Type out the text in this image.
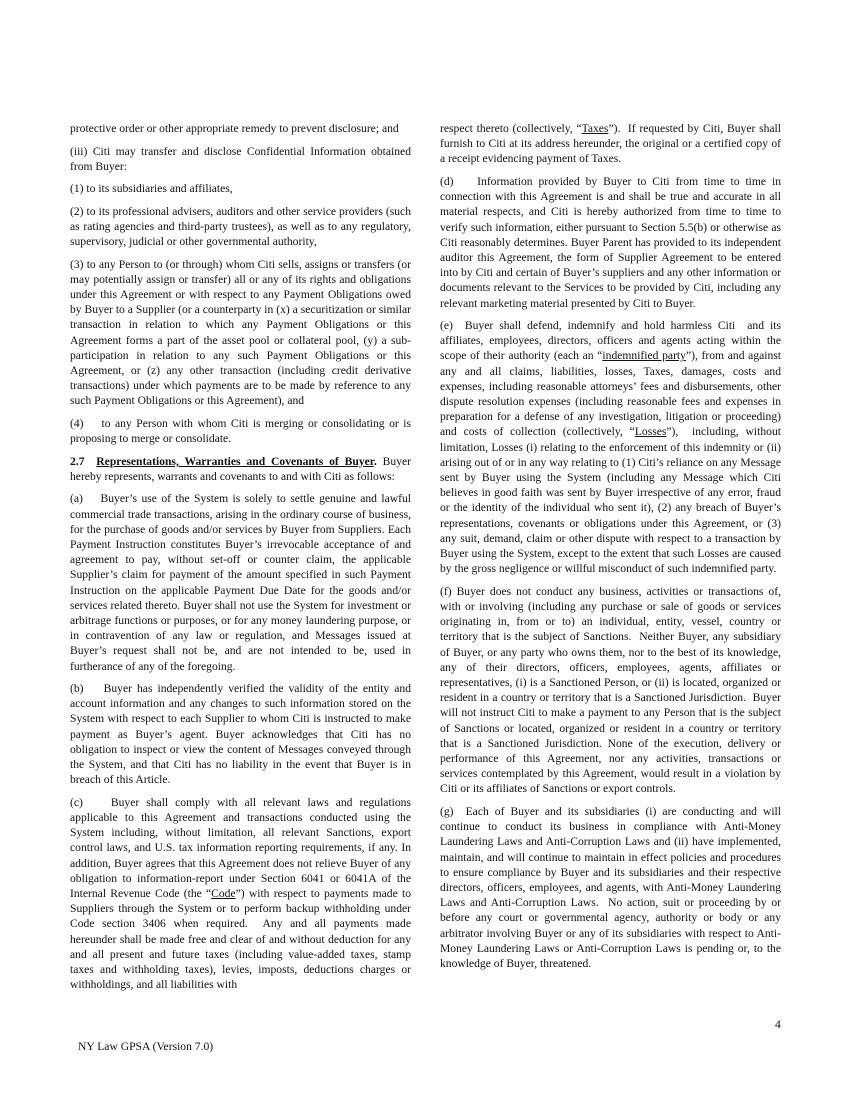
protective order or other appropriate remedy to prevent disclosure; and

(iii) Citi may transfer and disclose Confidential Information obtained from Buyer:

(1) to its subsidiaries and affiliates,

(2) to its professional advisers, auditors and other service providers (such as rating agencies and third-party trustees), as well as to any regulatory, supervisory, judicial or other governmental authority,

(3) to any Person to (or through) whom Citi sells, assigns or transfers (or may potentially assign or transfer) all or any of its rights and obligations under this Agreement or with respect to any Payment Obligations owed by Buyer to a Supplier (or a counterparty in (x) a securitization or similar transaction in relation to which any Payment Obligations or this Agreement forms a part of the asset pool or collateral pool, (y) a sub-participation in relation to any such Payment Obligations or this Agreement, or (z) any other transaction (including credit derivative transactions) under which payments are to be made by reference to any such Payment Obligations or this Agreement), and

(4)    to any Person with whom Citi is merging or consolidating or is proposing to merge or consolidate.

2.7 Representations, Warranties and Covenants of Buyer. Buyer hereby represents, warrants and covenants to and with Citi as follows:

(a)    Buyer’s use of the System is solely to settle genuine and lawful commercial trade transactions, arising in the ordinary course of business, for the purchase of goods and/or services by Buyer from Suppliers. Each Payment Instruction constitutes Buyer’s irrevocable acceptance of and agreement to pay, without set-off or counter claim, the applicable Supplier’s claim for payment of the amount specified in such Payment Instruction on the applicable Payment Due Date for the goods and/or services related thereto. Buyer shall not use the System for investment or arbitrage functions or purposes, or for any money laundering purpose, or in contravention of any law or regulation, and Messages issued at Buyer’s request shall not be, and are not intended to be, used in furtherance of any of the foregoing.

(b)    Buyer has independently verified the validity of the entity and account information and any changes to such information stored on the System with respect to each Supplier to whom Citi is instructed to make payment as Buyer’s agent. Buyer acknowledges that Citi has no obligation to inspect or view the content of Messages conveyed through the System, and that Citi has no liability in the event that Buyer is in breach of this Article.

(c)    Buyer shall comply with all relevant laws and regulations applicable to this Agreement and transactions conducted using the System including, without limitation, all relevant Sanctions, export control laws, and U.S. tax information reporting requirements, if any. In addition, Buyer agrees that this Agreement does not relieve Buyer of any obligation to information-report under Section 6041 or 6041A of the Internal Revenue Code (the “Code”) with respect to payments made to Suppliers through the System or to perform backup withholding under Code section 3406 when required.  Any and all payments made hereunder shall be made free and clear of and without deduction for any and all present and future taxes (including value-added taxes, stamp taxes and withholding taxes), levies, imposts, deductions charges or withholdings, and all liabilities with

respect thereto (collectively, “Taxes”).  If requested by Citi, Buyer shall furnish to Citi at its address hereunder, the original or a certified copy of a receipt evidencing payment of Taxes.

(d)    Information provided by Buyer to Citi from time to time in connection with this Agreement is and shall be true and accurate in all material respects, and Citi is hereby authorized from time to time to verify such information, either pursuant to Section 5.5(b) or otherwise as Citi reasonably determines. Buyer Parent has provided to its independent auditor this Agreement, the form of Supplier Agreement to be entered into by Citi and certain of Buyer’s suppliers and any other information or documents relevant to the Services to be provided by Citi, including any relevant marketing material presented by Citi to Buyer.

(e)  Buyer shall defend, indemnify and hold harmless Citi  and its affiliates, employees, directors, officers and agents acting within the scope of their authority (each an “indemnified party”), from and against any and all claims, liabilities, losses, Taxes, damages, costs and expenses, including reasonable attorneys’ fees and disbursements, other dispute resolution expenses (including reasonable fees and expenses in preparation for a defense of any investigation, litigation or proceeding) and costs of collection (collectively, “Losses”),  including, without limitation, Losses (i) relating to the enforcement of this indemnity or (ii) arising out of or in any way relating to (1) Citi’s reliance on any Message sent by Buyer using the System (including any Message which Citi believes in good faith was sent by Buyer irrespective of any error, fraud or the identity of the individual who sent it), (2) any breach of Buyer’s representations, covenants or obligations under this Agreement, or (3) any suit, demand, claim or other dispute with respect to a transaction by Buyer using the System, except to the extent that such Losses are caused by the gross negligence or willful misconduct of such indemnified party.

(f) Buyer does not conduct any business, activities or transactions of, with or involving (including any purchase or sale of goods or services originating in, from or to) an individual, entity, vessel, country or territory that is the subject of Sanctions.  Neither Buyer, any subsidiary of Buyer, or any party who owns them, nor to the best of its knowledge, any of their directors, officers, employees, agents, affiliates or representatives, (i) is a Sanctioned Person, or (ii) is located, organized or resident in a country or territory that is a Sanctioned Jurisdiction.  Buyer will not instruct Citi to make a payment to any Person that is the subject of Sanctions or located, organized or resident in a country or territory that is a Sanctioned Jurisdiction. None of the execution, delivery or performance of this Agreement, nor any activities, transactions or services contemplated by this Agreement, would result in a violation by Citi or its affiliates of Sanctions or export controls.

(g)  Each of Buyer and its subsidiaries (i) are conducting and will continue to conduct its business in compliance with Anti-Money Laundering Laws and Anti-Corruption Laws and (ii) have implemented, maintain, and will continue to maintain in effect policies and procedures to ensure compliance by Buyer and its subsidiaries and their respective directors, officers, employees, and agents, with Anti-Money Laundering Laws and Anti-Corruption Laws.  No action, suit or proceeding by or before any court or governmental agency, authority or body or any arbitrator involving Buyer or any of its subsidiaries with respect to Anti-Money Laundering Laws or Anti-Corruption Laws is pending or, to the knowledge of Buyer, threatened.

4
NY Law GPSA (Version 7.0)
